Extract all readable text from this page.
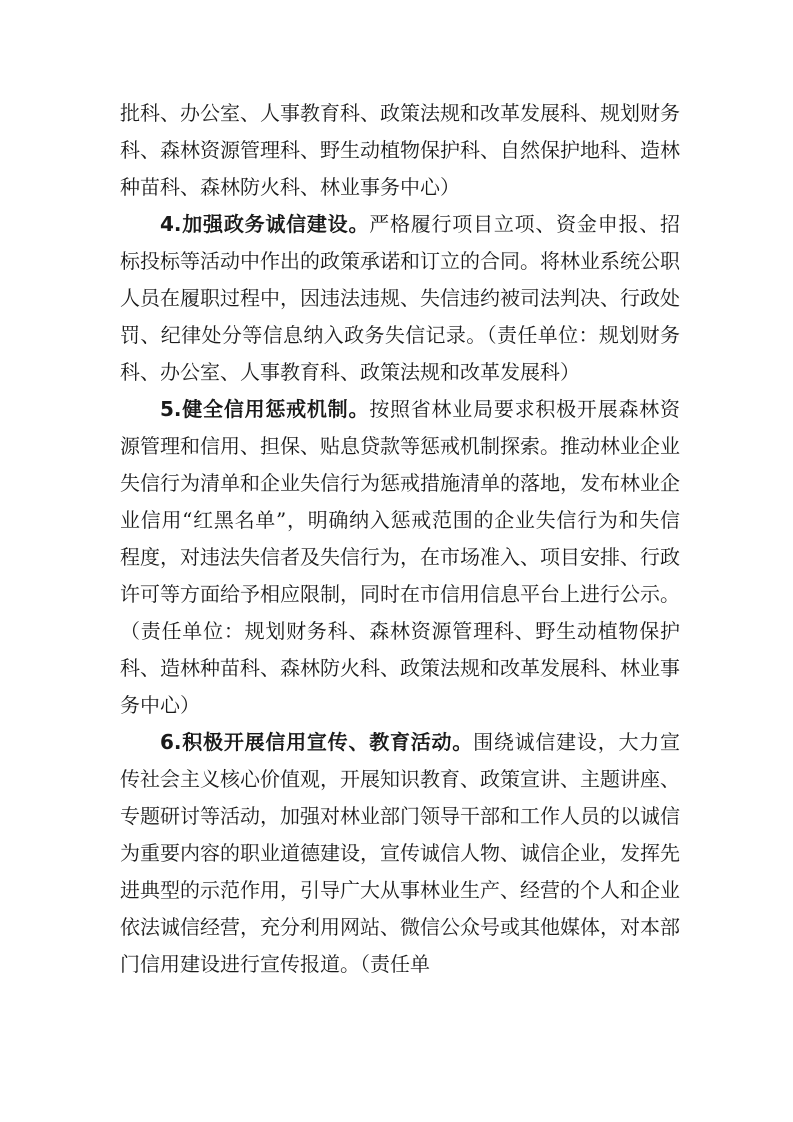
批科、办公室、人事教育科、政策法规和改革发展科、规划财务科、森林资源管理科、野生动植物保护科、自然保护地科、造林种苗科、森林防火科、林业事务中心）

4.加强政务诚信建设。严格履行项目立项、资金申报、招标投标等活动中作出的政策承诺和订立的合同。将林业系统公职人员在履职过程中，因违法违规、失信违约被司法判决、行政处罚、纪律处分等信息纳入政务失信记录。（责任单位：规划财务科、办公室、人事教育科、政策法规和改革发展科）

5.健全信用惩戒机制。按照省林业局要求积极开展森林资源管理和信用、担保、贴息贷款等惩戒机制探索。推动林业企业失信行为清单和企业失信行为惩戒措施清单的落地，发布林业企业信用“红黑名单”，明确纳入惩戒范围的企业失信行为和失信程度，对违法失信者及失信行为，在市场准入、项目安排、行政许可等方面给予相应限制，同时在市信用信息平台上进行公示。（责任单位：规划财务科、森林资源管理科、野生动植物保护科、造林种苗科、森林防火科、政策法规和改革发展科、林业事务中心）

6.积极开展信用宣传、教育活动。围绕诚信建设，大力宣传社会主义核心价值观，开展知识教育、政策宣讲、主题讲座、专题研讨等活动，加强对林业部门领导干部和工作人员的以诚信为重要内容的职业道德建设，宣传诚信人物、诚信企业，发挥先进典型的示范作用，引导广大从事林业生产、经营的个人和企业依法诚信经营，充分利用网站、微信公众号或其他媒体，对本部门信用建设进行宣传报道。（责任单
